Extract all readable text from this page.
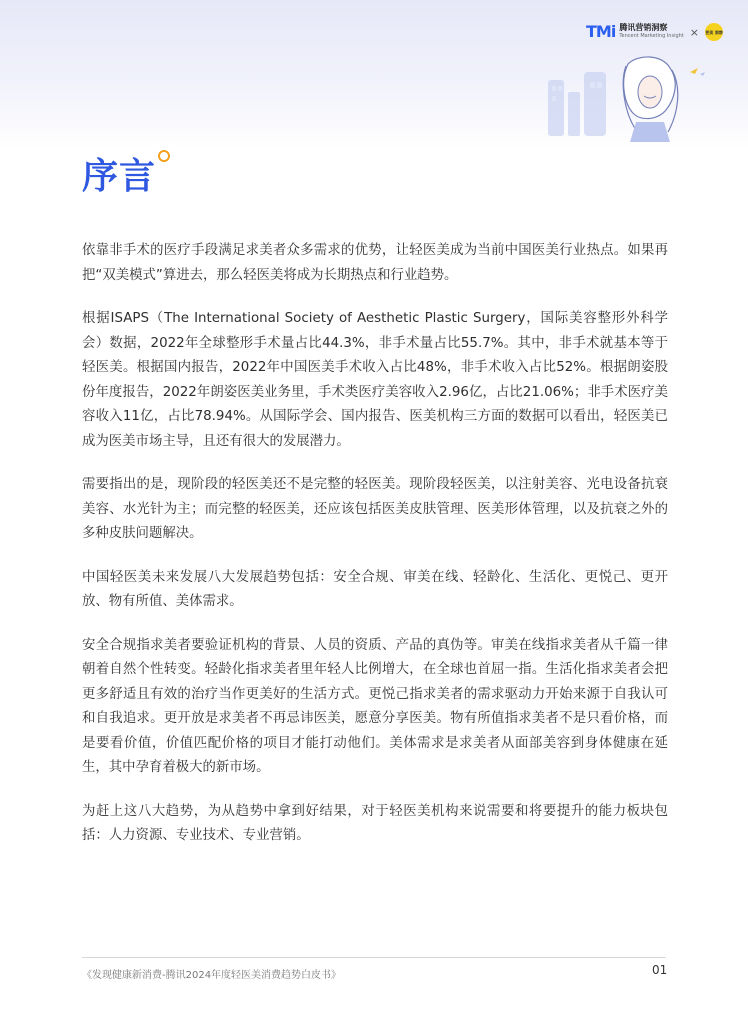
TMi 腾讯营销洞察
Tencent Marketing Insight × 更美 洞察
序言

依靠非手术的医疗手段满足求美者众多需求的优势，让轻医美成为当前中国医美行业热点。如果再把“双美模式”算进去，那么轻医美将成为长期热点和行业趋势。

根据ISAPS（The International Society of Aesthetic Plastic Surgery，国际美容整形外科学会）数据，2022年全球整形手术量占比44.3%，非手术量占比55.7%。其中，非手术就基本等于轻医美。根据国内报告，2022年中国医美手术收入占比48%，非手术收入占比52%。根据朗姿股份年度报告，2022年朗姿医美业务里，手术类医疗美容收入2.96亿，占比21.06%；非手术医疗美容收入11亿，占比78.94%。从国际学会、国内报告、医美机构三方面的数据可以看出，轻医美已成为医美市场主导，且还有很大的发展潜力。

需要指出的是，现阶段的轻医美还不是完整的轻医美。现阶段轻医美，以注射美容、光电设备抗衰美容、水光针为主；而完整的轻医美，还应该包括医美皮肤管理、医美形体管理，以及抗衰之外的多种皮肤问题解决。

中国轻医美未来发展八大发展趋势包括：安全合规、审美在线、轻龄化、生活化、更悦己、更开放、物有所值、美体需求。

安全合规指求美者要验证机构的背景、人员的资质、产品的真伪等。审美在线指求美者从千篇一律朝着自然个性转变。轻龄化指求美者里年轻人比例增大，在全球也首屈一指。生活化指求美者会把更多舒适且有效的治疗当作更美好的生活方式。更悦己指求美者的需求驱动力开始来源于自我认可和自我追求。更开放是求美者不再忌讳医美，愿意分享医美。物有所值指求美者不是只看价格，而是要看价值，价值匹配价格的项目才能打动他们。美体需求是求美者从面部美容到身体健康在延生，其中孕育着极大的新市场。

为赶上这八大趋势，为从趋势中拿到好结果，对于轻医美机构来说需要和将要提升的能力板块包括：人力资源、专业技术、专业营销。

《发现健康新消费-腾讯2024年度轻医美消费趋势白皮书》	01
